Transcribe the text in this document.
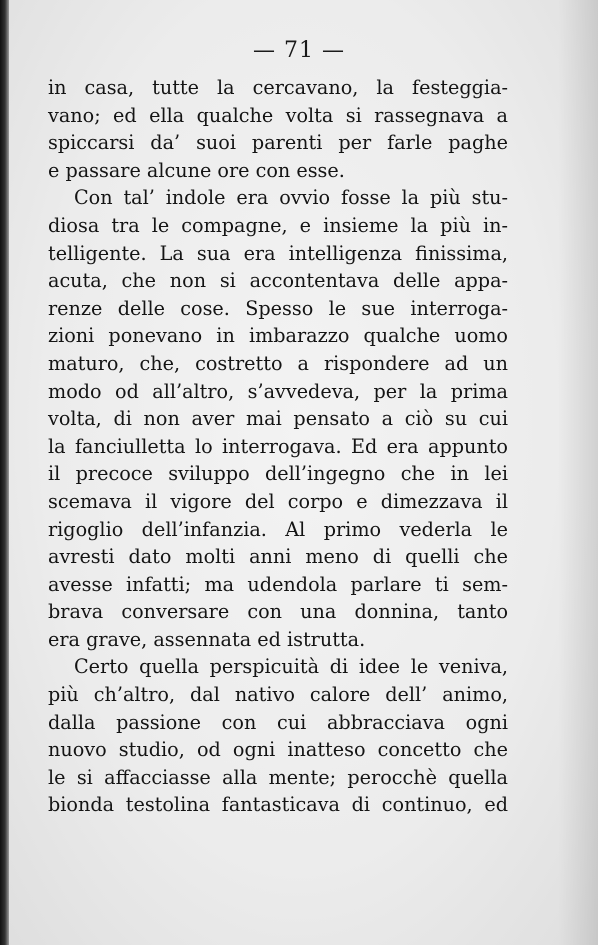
— 71 —
in casa, tutte la cercavano, la festeggia-
vano; ed ella qualche volta si rassegnava a
spiccarsi da’ suoi parenti per farle paghe
e passare alcune ore con esse.
Con tal’ indole era ovvio fosse la più stu-
diosa tra le compagne, e insieme la più in-
telligente. La sua era intelligenza finissima,
acuta, che non si accontentava delle appa-
renze delle cose. Spesso le sue interroga-
zioni ponevano in imbarazzo qualche uomo
maturo, che, costretto a rispondere ad un
modo od all’altro, s’avvedeva, per la prima
volta, di non aver mai pensato a ciò su cui
la fanciulletta lo interrogava. Ed era appunto
il precoce sviluppo dell’ingegno che in lei
scemava il vigore del corpo e dimezzava il
rigoglio dell’infanzia. Al primo vederla le
avresti dato molti anni meno di quelli che
avesse infatti; ma udendola parlare ti sem-
brava conversare con una donnina, tanto
era grave, assennata ed istrutta.
Certo quella perspicuità di idee le veniva,
più ch’altro, dal nativo calore dell’ animo,
dalla passione con cui abbracciava ogni
nuovo studio, od ogni inatteso concetto che
le si affacciasse alla mente; perocchè quella
bionda testolina fantasticava di continuo, ed
